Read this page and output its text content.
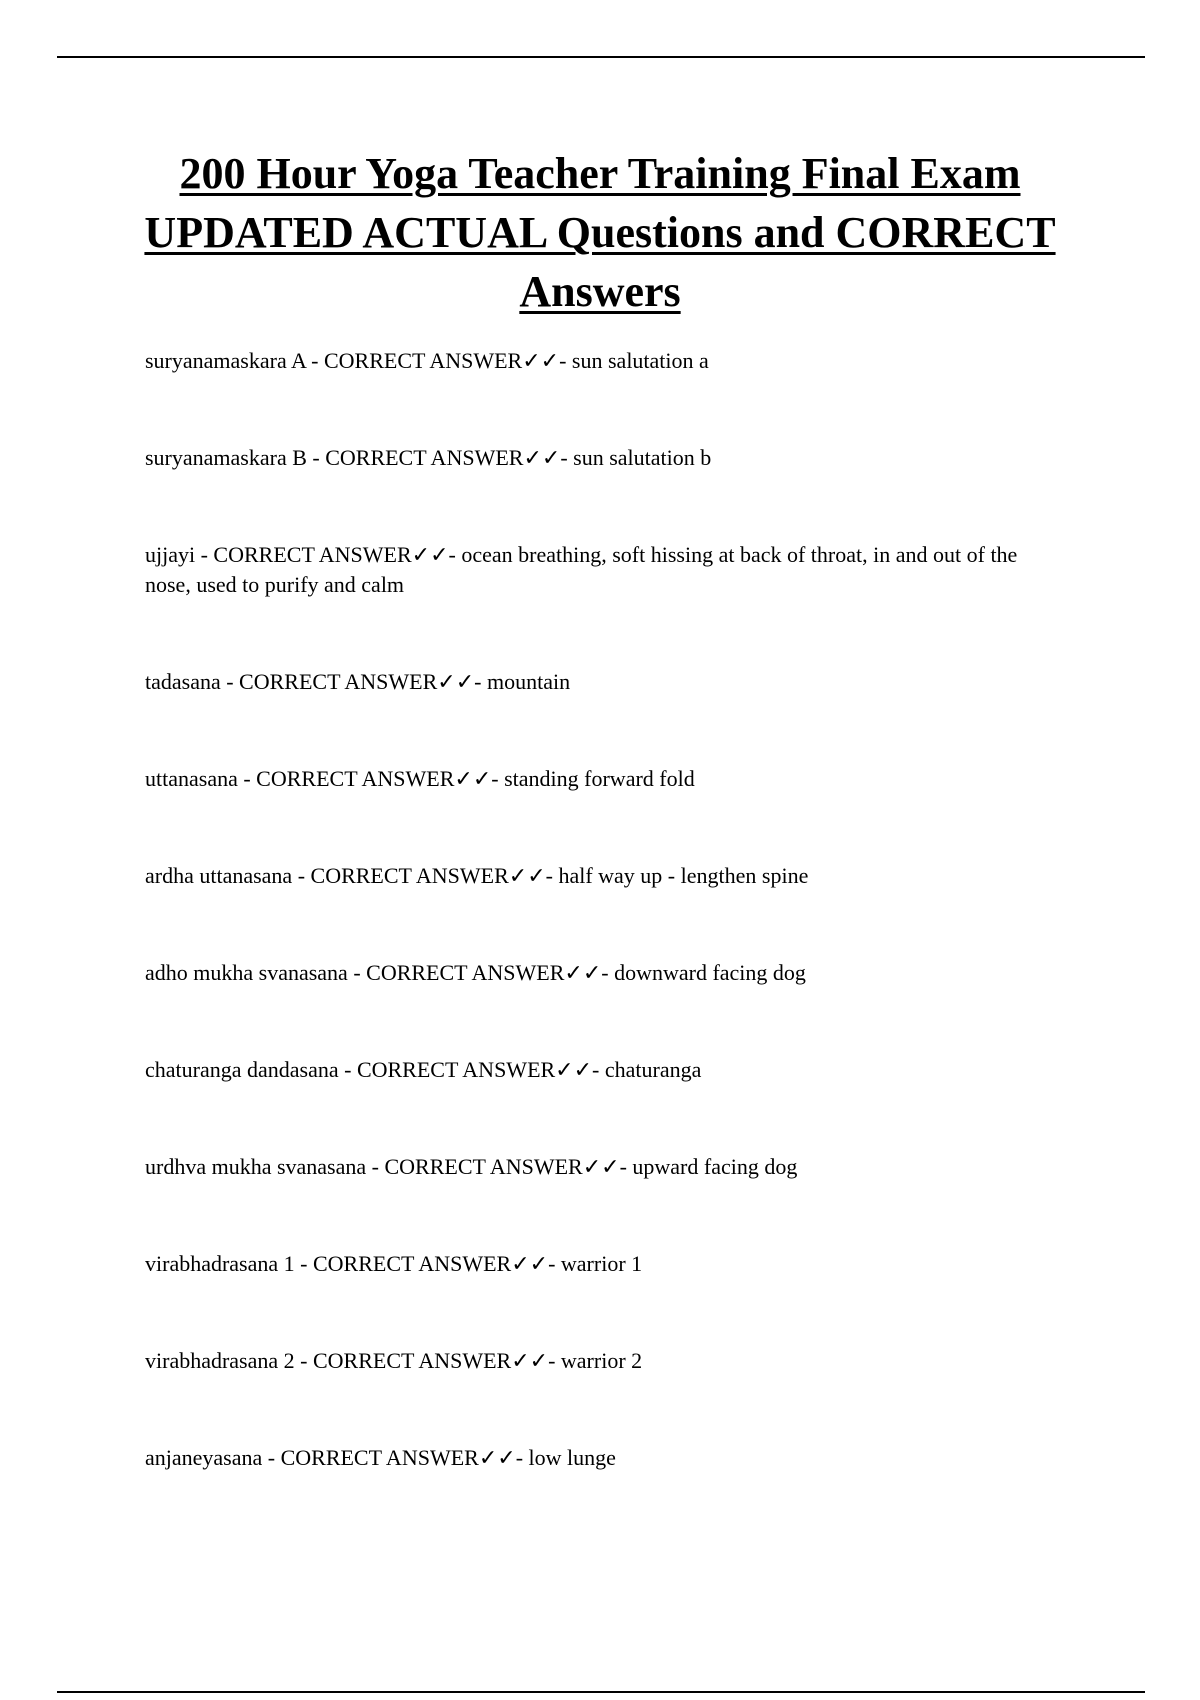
200 Hour Yoga Teacher Training Final Exam UPDATED ACTUAL Questions and CORRECT Answers
suryanamaskara A - CORRECT ANSWER✓✓- sun salutation a
suryanamaskara B - CORRECT ANSWER✓✓- sun salutation b
ujjayi - CORRECT ANSWER✓✓- ocean breathing, soft hissing at back of throat, in and out of the nose, used to purify and calm
tadasana - CORRECT ANSWER✓✓- mountain
uttanasana - CORRECT ANSWER✓✓- standing forward fold
ardha uttanasana - CORRECT ANSWER✓✓- half way up - lengthen spine
adho mukha svanasana - CORRECT ANSWER✓✓- downward facing dog
chaturanga dandasana - CORRECT ANSWER✓✓- chaturanga
urdhva mukha svanasana - CORRECT ANSWER✓✓- upward facing dog
virabhadrasana 1 - CORRECT ANSWER✓✓- warrior 1
virabhadrasana 2 - CORRECT ANSWER✓✓- warrior 2
anjaneyasana - CORRECT ANSWER✓✓- low lunge
